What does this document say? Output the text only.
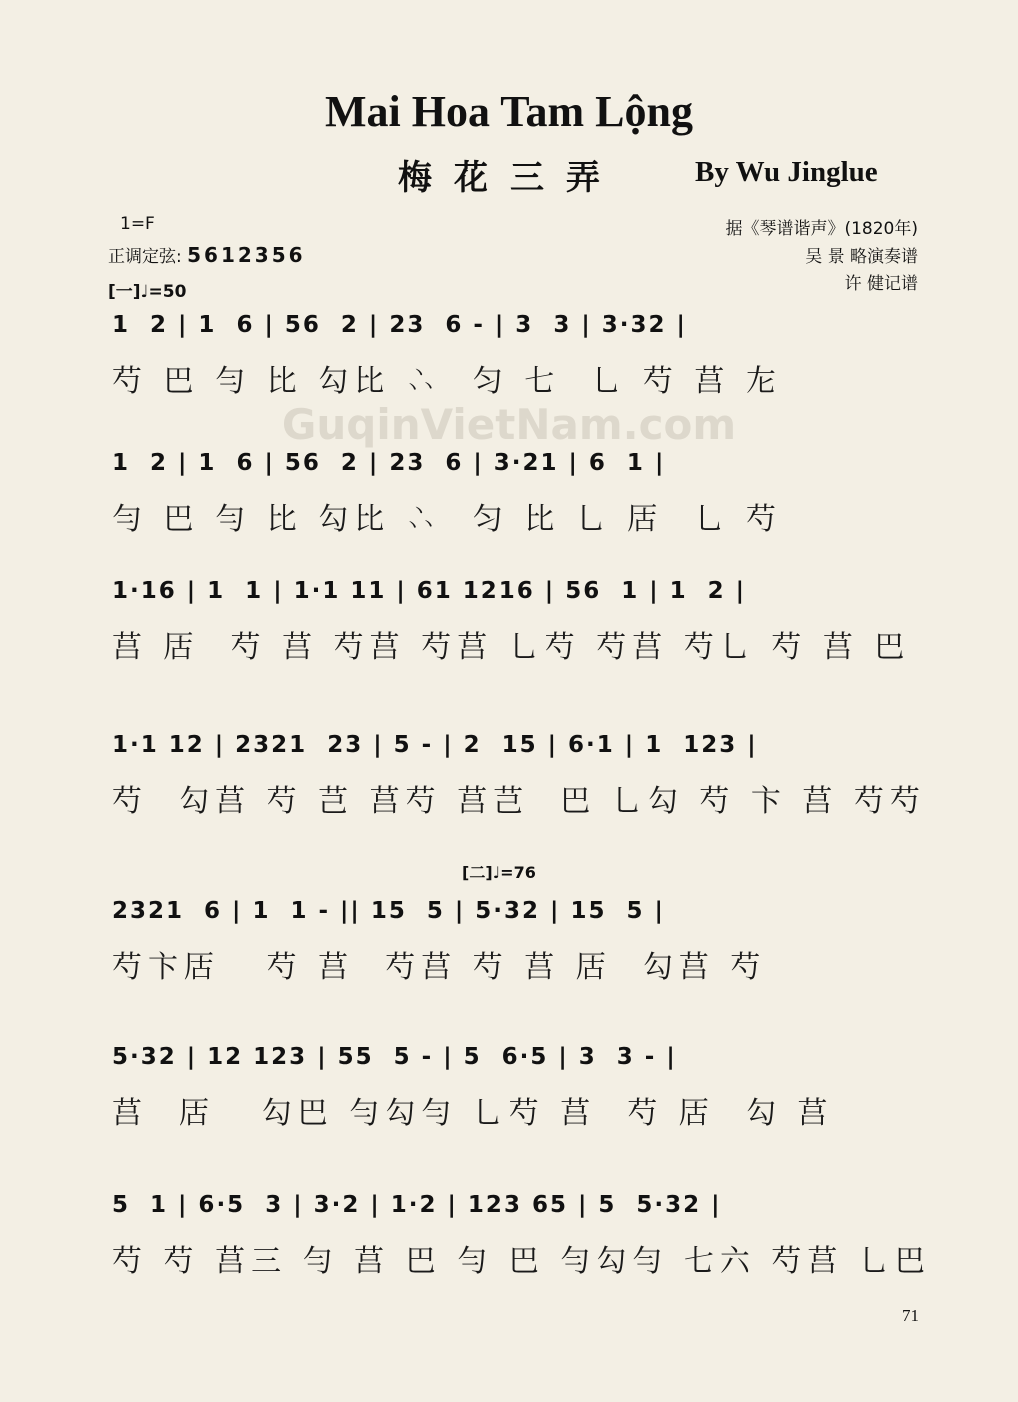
Mai Hoa Tam Lộng
梅花三弄	By Wu Jinglue
1=F
正调定弦: 5612356
[一]♩=50
据《琴谱谐声》(1820年)
吴 景 略演奏谱
许 健记谱
GuqinVietNam.com
1  2 | 1  6 | 56  2 | 23  6 - | 3  3 | 3·32 |
芍 巴 勻 比 勾比 𠁼  匀 七  乚 芍 莒 㔫
1  2 | 1  6 | 56  2 | 23  6 | 3·21 | 6  1 |
勻 巴 勻 比 勾比 𠁼  匀 比 乚 㕆  乚 芍
1·16 | 1  1 | 1·1 11 | 61 1216 | 56  1 | 1  2 |
莒 㕆  芍 莒 芍莒 芍莒 乚芍 芍莒 芍乚 芍 莒 巴
1·1 12 | 2321  23 | 5 - | 2  15 | 6·1 | 1  123 |
芍  勾莒 芍 芑 莒芍 莒芑  巴 乚勾 芍 卞 莒 芍芍
[二]♩=76
2321  6 | 1  1 - || 15  5 | 5·32 | 15  5 |
芍卞㕆   芍 莒  芍莒 芍 莒 㕆  勾莒 芍
5·32 | 12 123 | 55  5 - | 5  6·5 | 3  3 - |
莒  㕆   勾巴 勻勾勻 乚芍 莒  芍 㕆  勾 莒
5  1 | 6·5  3 | 3·2 | 1·2 | 123 65 | 5  5·32 |
芍 芍 莒三 勻 莒 巴 勻 巴 勻勾勻 七六 芍莒 乚巴
71
